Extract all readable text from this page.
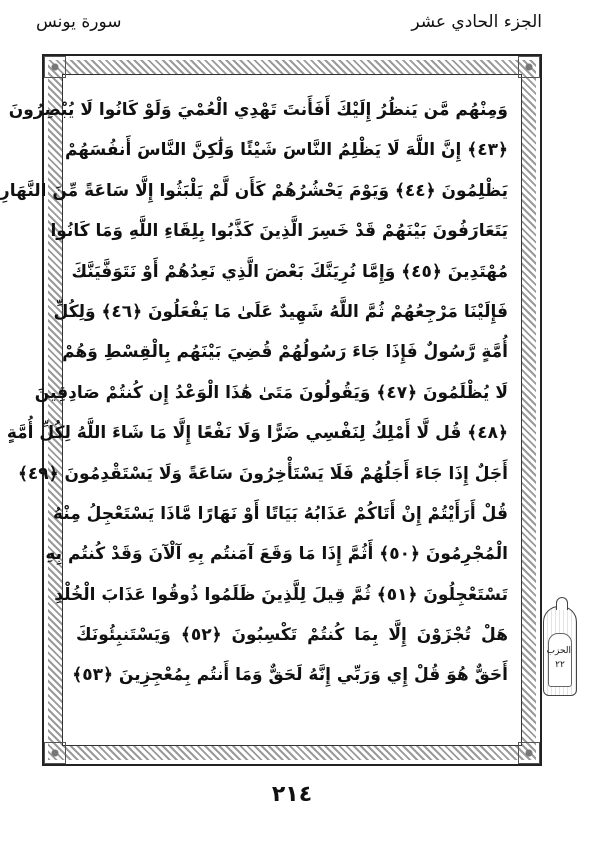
سورة يونس	الجزء الحادي عشر
وَمِنْهُم مَّن يَنظُرُ إِلَيْكَ أَفَأَنتَ تَهْدِي الْعُمْيَ وَلَوْ كَانُوا لَا يُبْصِرُونَ
﴿٤٣﴾ إِنَّ اللَّهَ لَا يَظْلِمُ النَّاسَ شَيْئًا وَلَٰكِنَّ النَّاسَ أَنفُسَهُمْ
يَظْلِمُونَ ﴿٤٤﴾ وَيَوْمَ يَحْشُرُهُمْ كَأَن لَّمْ يَلْبَثُوا إِلَّا سَاعَةً مِّنَ النَّهَارِ
يَتَعَارَفُونَ بَيْنَهُمْ قَدْ خَسِرَ الَّذِينَ كَذَّبُوا بِلِقَاءِ اللَّهِ وَمَا كَانُوا
مُهْتَدِينَ ﴿٤٥﴾ وَإِمَّا نُرِيَنَّكَ بَعْضَ الَّذِي نَعِدُهُمْ أَوْ نَتَوَفَّيَنَّكَ
فَإِلَيْنَا مَرْجِعُهُمْ ثُمَّ اللَّهُ شَهِيدٌ عَلَىٰ مَا يَفْعَلُونَ ﴿٤٦﴾ وَلِكُلِّ
أُمَّةٍ رَّسُولٌ فَإِذَا جَاءَ رَسُولُهُمْ قُضِيَ بَيْنَهُم بِالْقِسْطِ وَهُمْ
لَا يُظْلَمُونَ ﴿٤٧﴾ وَيَقُولُونَ مَتَىٰ هَٰذَا الْوَعْدُ إِن كُنتُمْ صَادِقِينَ
﴿٤٨﴾ قُل لَّا أَمْلِكُ لِنَفْسِي ضَرًّا وَلَا نَفْعًا إِلَّا مَا شَاءَ اللَّهُ لِكُلِّ أُمَّةٍ
أَجَلٌ إِذَا جَاءَ أَجَلُهُمْ فَلَا يَسْتَأْخِرُونَ سَاعَةً وَلَا يَسْتَقْدِمُونَ ﴿٤٩﴾
قُلْ أَرَأَيْتُمْ إِنْ أَتَاكُمْ عَذَابُهُ بَيَاتًا أَوْ نَهَارًا مَّاذَا يَسْتَعْجِلُ مِنْهُ
الْمُجْرِمُونَ ﴿٥٠﴾ أَثُمَّ إِذَا مَا وَقَعَ آمَنتُم بِهِ آلْآنَ وَقَدْ كُنتُم بِهِ
تَسْتَعْجِلُونَ ﴿٥١﴾ ثُمَّ قِيلَ لِلَّذِينَ ظَلَمُوا ذُوقُوا عَذَابَ الْخُلْدِ
هَلْ تُجْزَوْنَ إِلَّا بِمَا كُنتُمْ تَكْسِبُونَ ﴿٥٢﴾ وَيَسْتَنبِئُونَكَ
أَحَقٌّ هُوَ قُلْ إِي وَرَبِّي إِنَّهُ لَحَقٌّ وَمَا أَنتُم بِمُعْجِزِينَ ﴿٥٣﴾
الحزب
٢٢
٢١٤
